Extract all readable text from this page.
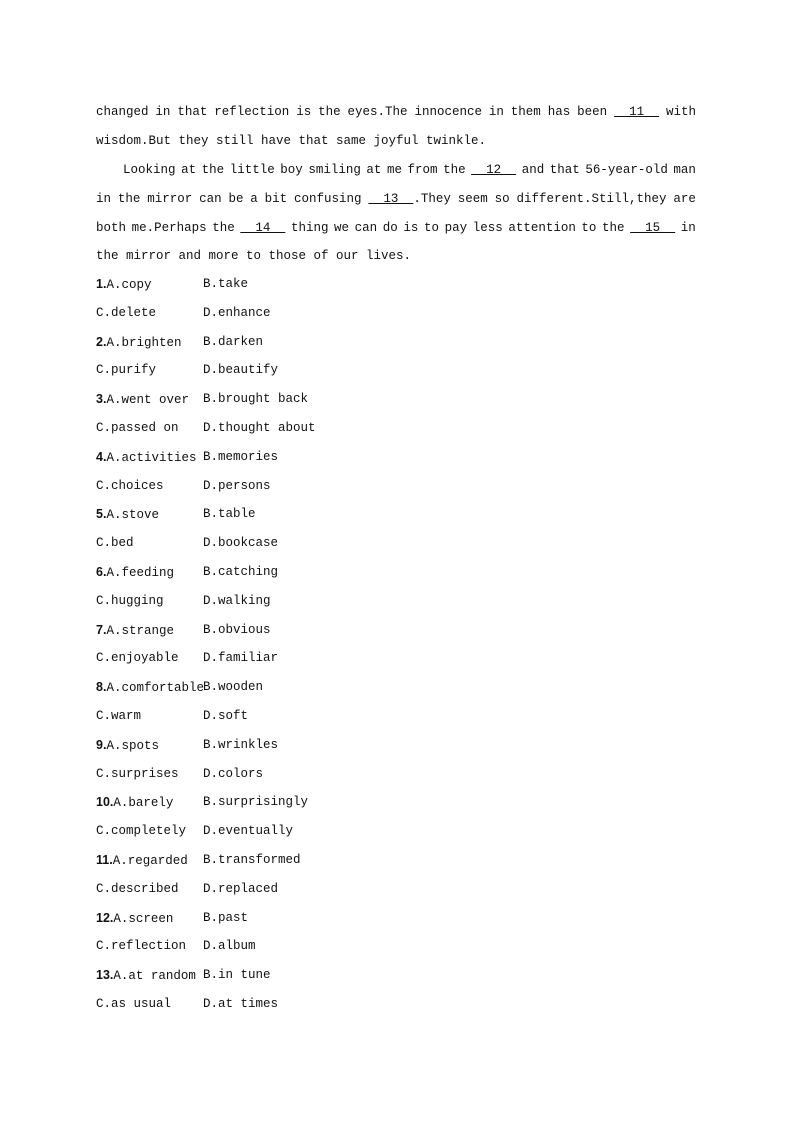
changed in that reflection is the eyes.The innocence in them has been 11 with
wisdom.But they still have that same joyful twinkle.
Looking at the little boy smiling at me from the 12 and that 56-year-old man
in the mirror can be a bit confusing 13  .They seem so different.Still,they are
both me.Perhaps the 14 thing we can do is to pay less attention to the 15 in
the mirror and more to those of our lives.
1.A.copy	B.take
C.delete	D.enhance
2.A.brighten B.darken
C.purify	D.beautify
3.A.went over B.brought back
C.passed on D.thought about
4.A.activities B.memories
C.choices	D.persons
5.A.stove	B.table
C.bed	D.bookcase
6.A.feeding B.catching
C.hugging	D.walking
7.A.strange B.obvious
C.enjoyable D.familiar
8.A.comfortable B.wooden
C.warm	D.soft
9.A.spots	B.wrinkles
C.surprises D.colors
10.A.barely B.surprisingly
C.completely D.eventually
11.A.regarded B.transformed
C.described D.replaced
12.A.screen B.past
C.reflection D.album
13.A.at random B.in tune
C.as usual	D.at times
